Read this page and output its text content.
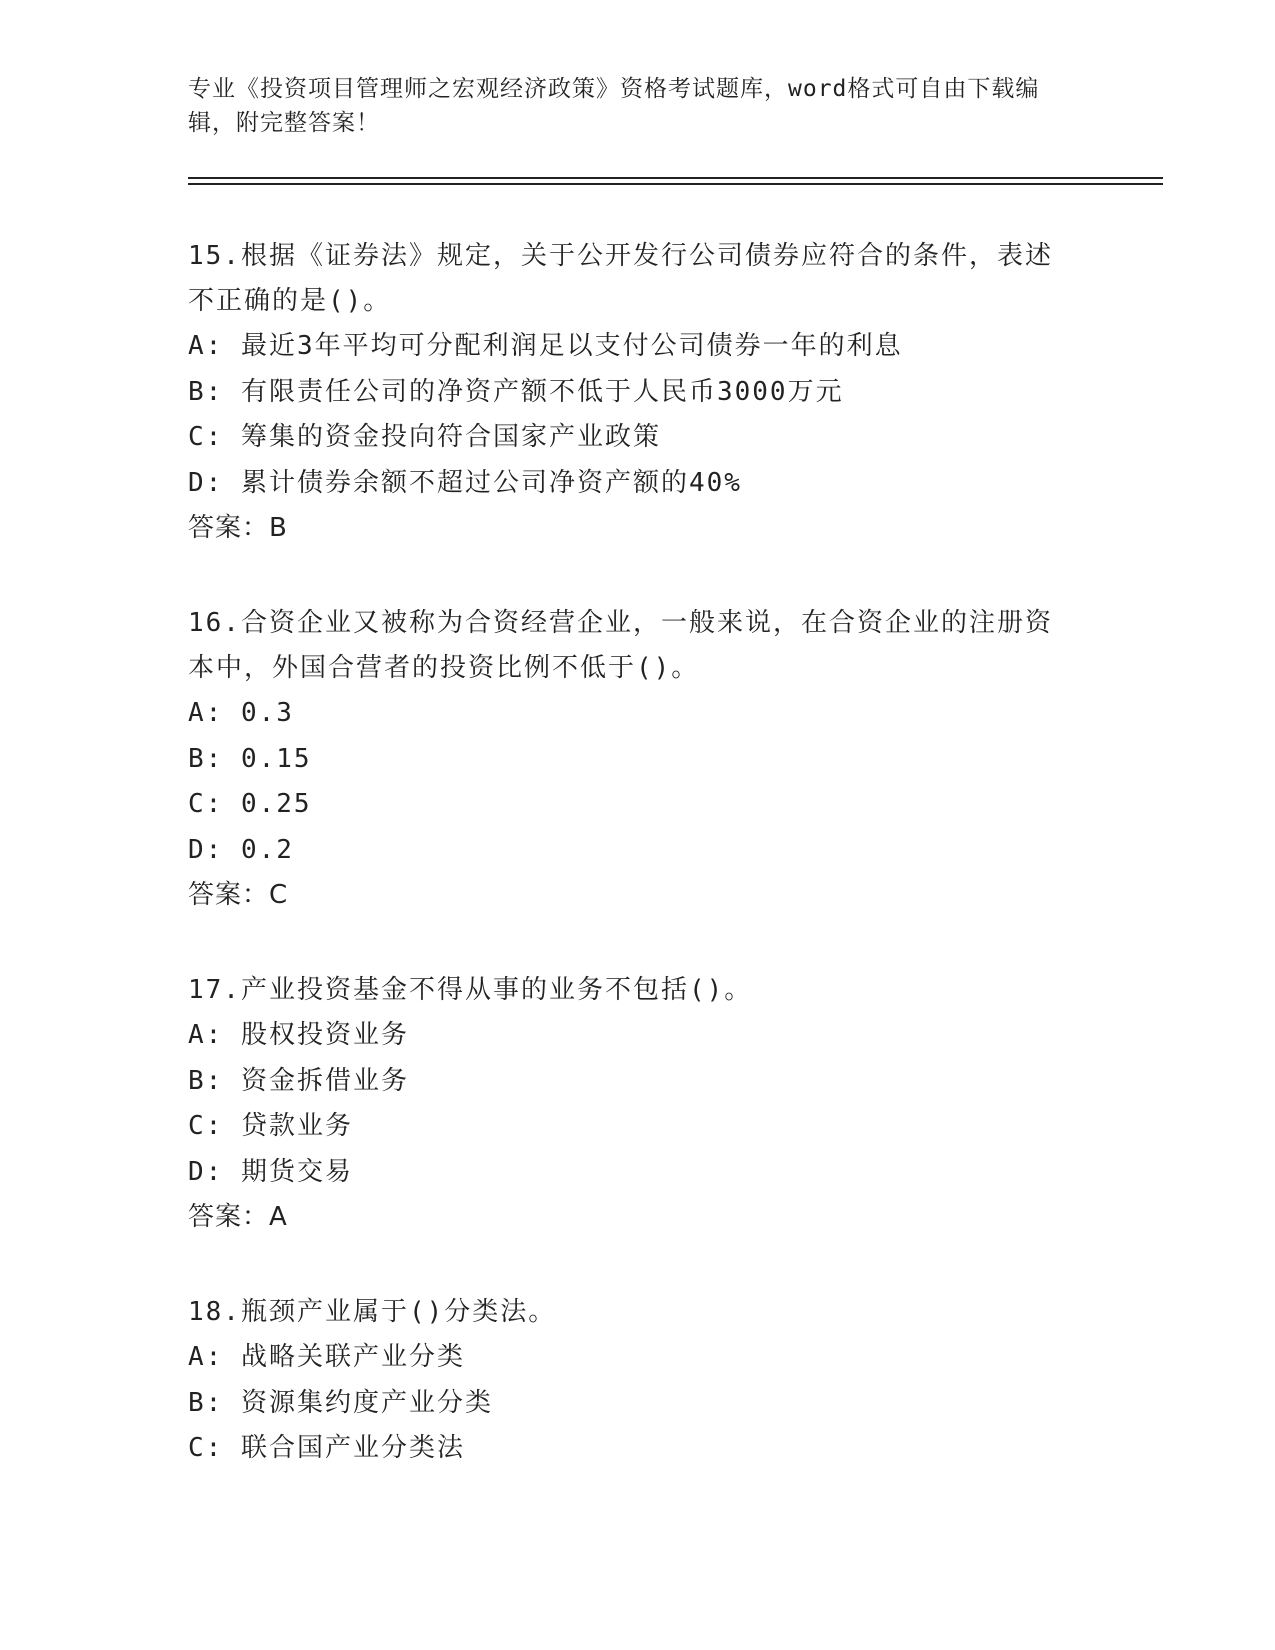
专业《投资项目管理师之宏观经济政策》资格考试题库，word格式可自由下载编辑，附完整答案！
15.根据《证券法》规定，关于公开发行公司债券应符合的条件，表述不正确的是()。
A: 最近3年平均可分配利润足以支付公司债券一年的利息
B: 有限责任公司的净资产额不低于人民币3000万元
C: 筹集的资金投向符合国家产业政策
D: 累计债券余额不超过公司净资产额的40%
答案：B
16.合资企业又被称为合资经营企业，一般来说，在合资企业的注册资本中，外国合营者的投资比例不低于()。
A: 0.3
B: 0.15
C: 0.25
D: 0.2
答案：C
17.产业投资基金不得从事的业务不包括()。
A: 股权投资业务
B: 资金拆借业务
C: 贷款业务
D: 期货交易
答案：A
18.瓶颈产业属于()分类法。
A: 战略关联产业分类
B: 资源集约度产业分类
C: 联合国产业分类法
